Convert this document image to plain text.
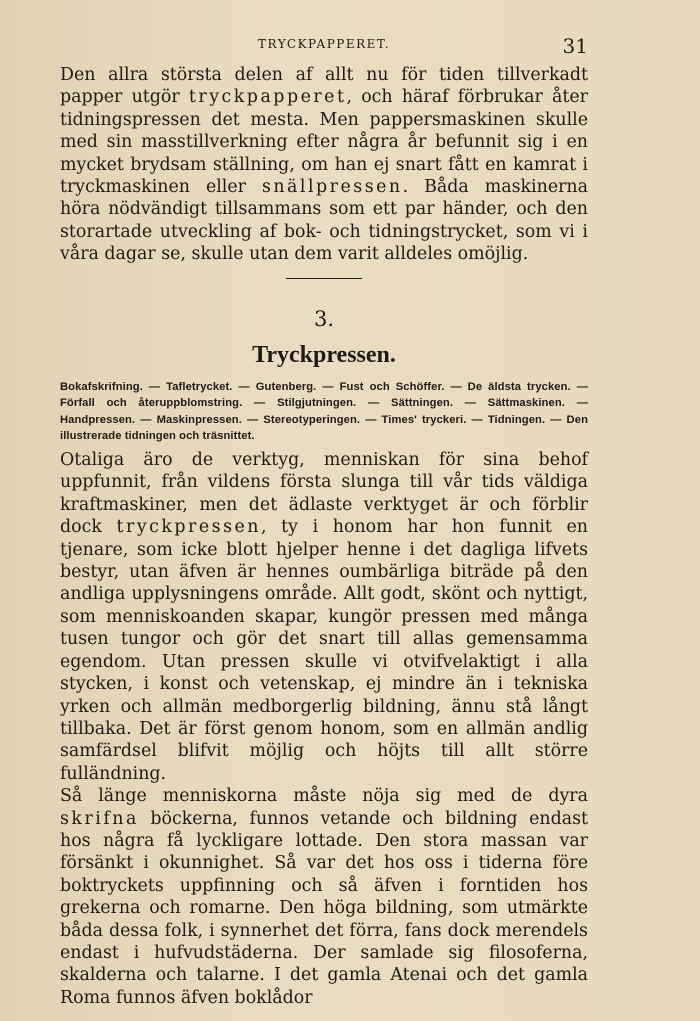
TRYCKPAPPERET.	31

Den allra största delen af allt nu för tiden tillverkadt papper utgör tryckpapperet, och häraf förbrukar åter tidningspressen det mesta. Men pappersmaskinen skulle med sin masstillverkning efter några år befunnit sig i en mycket brydsam ställning, om han ej snart fått en kamrat i tryckmaskinen eller snällpressen. Båda maskinerna höra nödvändigt tillsammans som ett par händer, och den storartade utveckling af bok- och tidningstrycket, som vi i våra dagar se, skulle utan dem varit alldeles omöjlig.

3.
Tryckpressen.
Bokafskrifning. — Tafletrycket. — Gutenberg. — Fust och Schöffer. — De äldsta trycken. — Förfall och återuppblomstring. — Stilgjutningen. — Sättningen. — Sättmaskinen. — Handpressen. — Maskinpressen. — Stereotyperingen. — Times' tryckeri. — Tidningen. — Den illustrerade tidningen och träsnittet.

Otaliga äro de verktyg, menniskan för sina behof uppfunnit, från vildens första slunga till vår tids väldiga kraftmaskiner, men det ädlaste verktyget är och förblir dock tryckpressen, ty i honom har hon funnit en tjenare, som icke blott hjelper henne i det dagliga lifvets bestyr, utan äfven är hennes oumbärliga biträde på den andliga upplysningens område. Allt godt, skönt och nyttigt, som menniskoanden skapar, kungör pressen med många tusen tungor och gör det snart till allas gemensamma egendom. Utan pressen skulle vi otvifvelaktigt i alla stycken, i konst och vetenskap, ej mindre än i tekniska yrken och allmän medborgerlig bildning, ännu stå långt tillbaka. Det är först genom honom, som en allmän andlig samfärdsel blifvit möjlig och höjts till allt större fulländning.

Så länge menniskorna måste nöja sig med de dyra skrifna böckerna, funnos vetande och bildning endast hos några få lyckligare lottade. Den stora massan var försänkt i okunnighet. Så var det hos oss i tiderna före boktryckets uppfinning och så äfven i forntiden hos grekerna och romarne. Den höga bildning, som utmärkte båda dessa folk, i synnerhet det förra, fans dock merendels endast i hufvudstäderna. Der samlade sig filosoferna, skalderna och talarne. I det gamla Atenai och det gamla Roma funnos äfven boklådor
